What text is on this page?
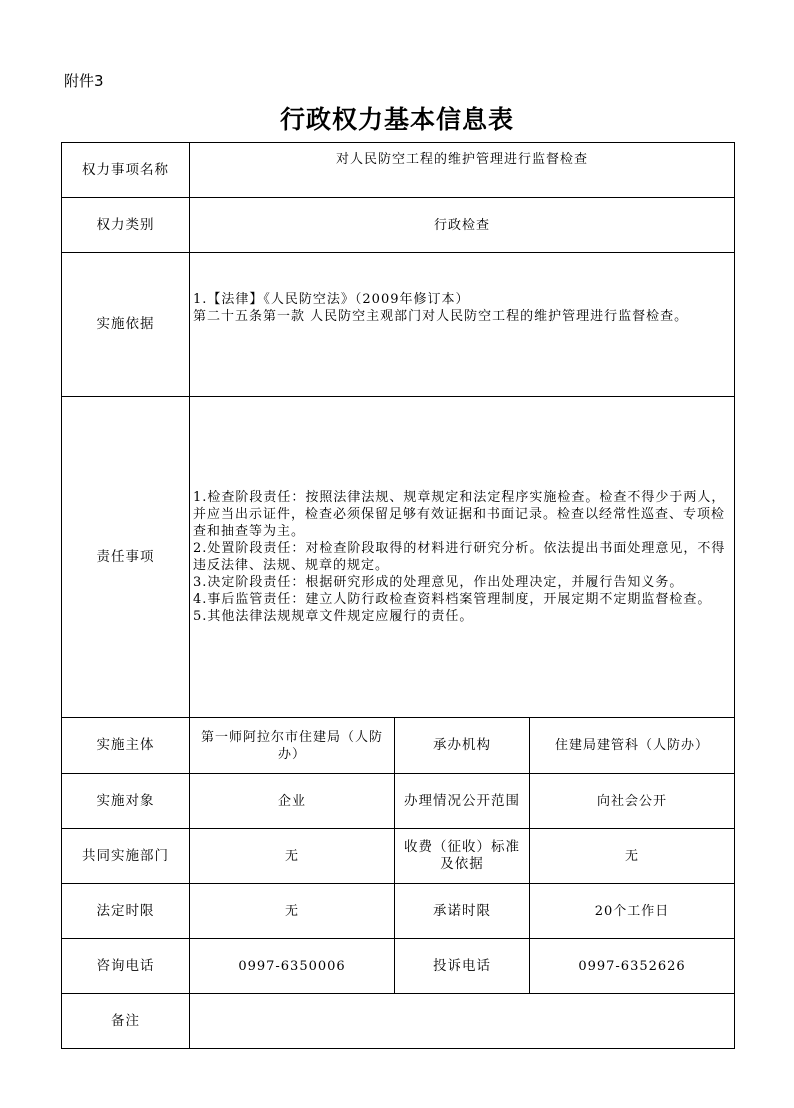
附件3
行政权力基本信息表
权力事项名称	对人民防空工程的维护管理进行监督检查		
权力类别	行政检查		
实施依据	1.【法律】《人民防空法》（2009年修订本）
第二十五条第一款 人民防空主观部门对人民防空工程的维护管理进行监督检查。		

责任事项	1.检查阶段责任：按照法律法规、规章规定和法定程序实施检查。检查不得少于两人，并应当出示证件，检查必须保留足够有效证据和书面记录。检查以经常性巡查、专项检查和抽查等为主。
2.处置阶段责任：对检查阶段取得的材料进行研究分析。依法提出书面处理意见，不得违反法律、法规、规章的规定。
3.决定阶段责任：根据研究形成的处理意见，作出处理决定，并履行告知义务。
4.事后监管责任：建立人防行政检查资料档案管理制度，开展定期不定期监督检查。
5.其他法律法规规章文件规定应履行的责任。		

实施主体	第一师阿拉尔市住建局（人防办）	承办机构	住建局建管科（人防办）
实施对象	企业	办理情况公开范围	向社会公开
共同实施部门	无	收费（征收）标准及依据	无
法定时限	无	承诺时限	20个工作日
咨询电话	0997-6350006	投诉电话	0997-6352626
备注			
